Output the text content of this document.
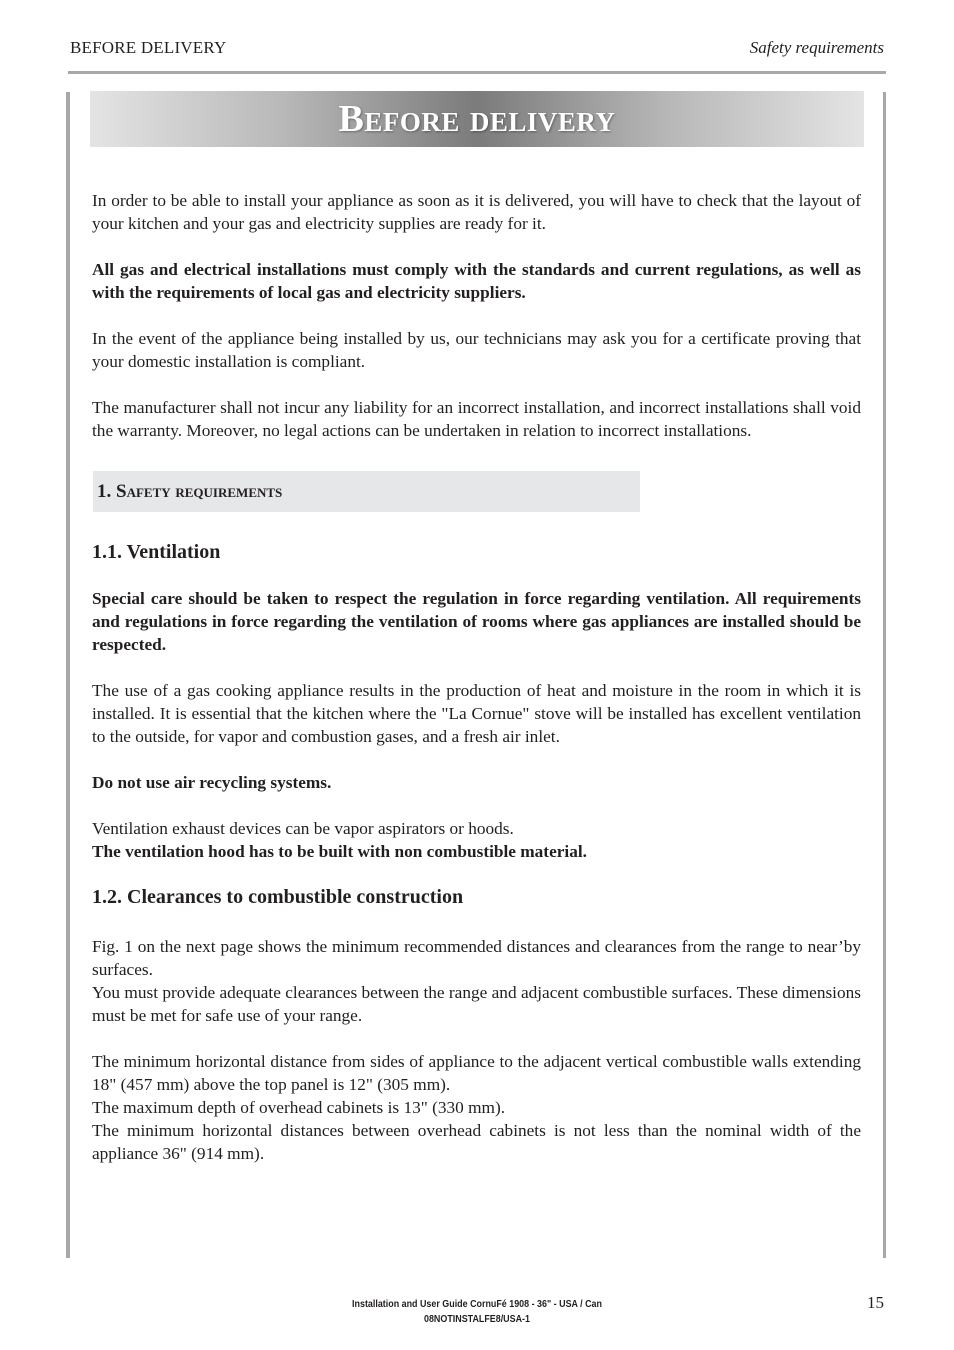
BEFORE DELIVERY	Safety requirements
Before delivery

In order to be able to install your appliance as soon as it is delivered, you will have to check that the layout of your kitchen and your gas and electricity supplies are ready for it.

All gas and electrical installations must comply with the standards and current regulations, as well as with the requirements of local gas and electricity suppliers.

In the event of the appliance being installed by us, our technicians may ask you for a certificate proving that your domestic installation is compliant.

The manufacturer shall not incur any liability for an incorrect installation, and incorrect installations shall void the warranty. Moreover, no legal actions can be undertaken in relation to incorrect installations.

1. Safety requirements
1.1. Ventilation

Special care should be taken to respect the regulation in force regarding ventilation. All requirements and regulations in force regarding the ventilation of rooms where gas appliances are installed should be respected.

The use of a gas cooking appliance results in the production of heat and moisture in the room in which it is installed. It is essential that the kitchen where the "La Cornue" stove will be installed has excellent ventilation to the outside, for vapor and combustion gases, and a fresh air inlet.

Do not use air recycling systems.

Ventilation exhaust devices can be vapor aspirators or hoods.
The ventilation hood has to be built with non combustible material.

1.2. Clearances to combustible construction

Fig. 1 on the next page shows the minimum recommended distances and clearances from the range to near’by surfaces.
You must provide adequate clearances between the range and adjacent combustible surfaces. These dimensions must be met for safe use of your range.

The minimum horizontal distance from sides of appliance to the adjacent vertical combustible walls extending 18" (457 mm) above the top panel is 12" (305 mm).
The maximum depth of overhead cabinets is 13" (330 mm).
The minimum horizontal distances between overhead cabinets is not less than the nominal width of the appliance 36" (914 mm).

Installation and User Guide CornuFé 1908 - 36" - USA / Can
08NOTINSTALFE8/USA-1
15
